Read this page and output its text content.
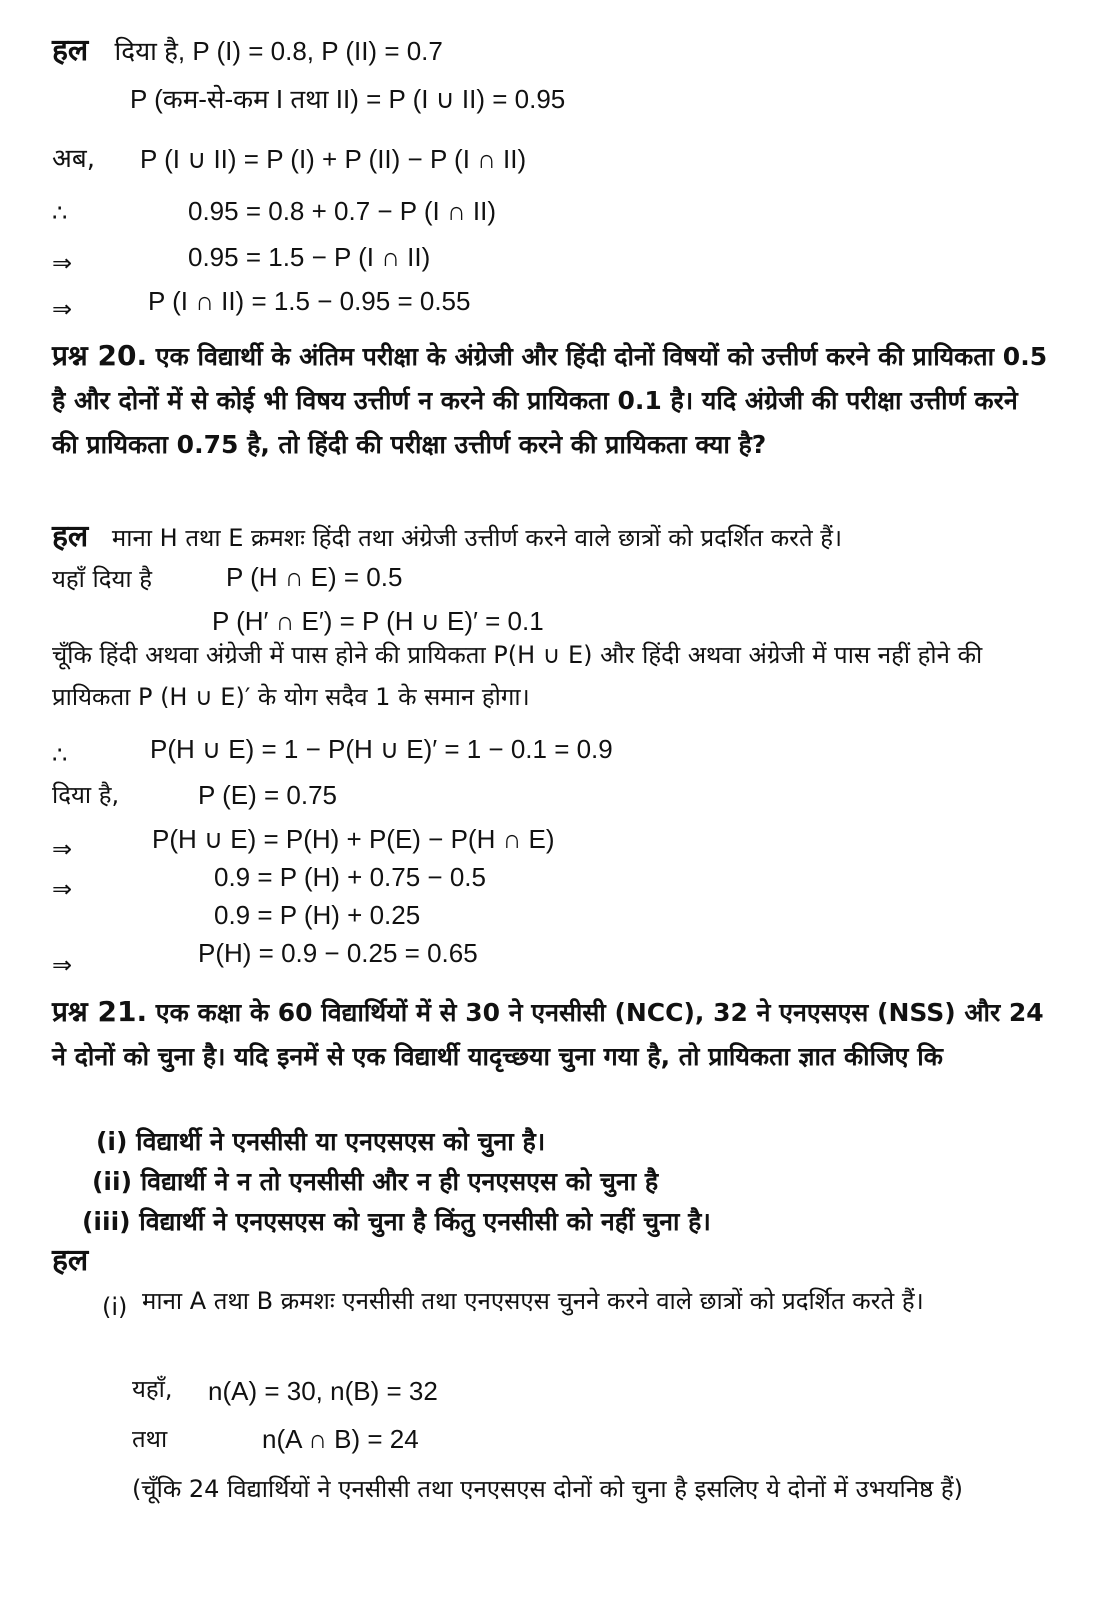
हल दिया है, P (I) = 0.8, P (II) = 0.7
P (कम-से-कम I तथा II) = P (I ∪ II) = 0.95
अब, P (I ∪ II) = P (I) + P (II) − P (I ∩ II)
∴	0.95 = 0.8 + 0.7 − P (I ∩ II)
⇒	0.95 = 1.5 − P (I ∩ II)
⇒	P (I ∩ II) = 1.5 − 0.95 = 0.55
प्रश्न 20. एक विद्यार्थी के अंतिम परीक्षा के अंग्रेजी और हिंदी दोनों विषयों को उत्तीर्ण करने की प्रायिकता 0.5 है और दोनों में से कोई भी विषय उत्तीर्ण न करने की प्रायिकता 0.1 है। यदि अंग्रेजी की परीक्षा उत्तीर्ण करने की प्रायिकता 0.75 है, तो हिंदी की परीक्षा उत्तीर्ण करने की प्रायिकता क्या है?
हल माना H तथा E क्रमशः हिंदी तथा अंग्रेजी उत्तीर्ण करने वाले छात्रों को प्रदर्शित करते हैं।
यहाँ दिया है	P (H ∩ E) = 0.5
P (H′ ∩ E′) = P (H ∪ E)′ = 0.1
चूँकि हिंदी अथवा अंग्रेजी में पास होने की प्रायिकता P(H ∪ E) और हिंदी अथवा अंग्रेजी में पास नहीं होने की प्रायिकता P (H ∪ E)′ के योग सदैव 1 के समान होगा।
∴	P(H ∪ E) = 1 − P(H ∪ E)′ = 1 − 0.1 = 0.9
दिया है,	P (E) = 0.75
⇒	P(H ∪ E) = P(H) + P(E) − P(H ∩ E)
⇒	0.9 = P (H) + 0.75 − 0.5
0.9 = P (H) + 0.25
⇒	P(H) = 0.9 − 0.25 = 0.65
प्रश्न 21. एक कक्षा के 60 विद्यार्थियों में से 30 ने एनसीसी (NCC), 32 ने एनएसएस (NSS) और 24 ने दोनों को चुना है। यदि इनमें से एक विद्यार्थी यादृच्छया चुना गया है, तो प्रायिकता ज्ञात कीजिए कि
(i) विद्यार्थी ने एनसीसी या एनएसएस को चुना है।
(ii) विद्यार्थी ने न तो एनसीसी और न ही एनएसएस को चुना है
(iii) विद्यार्थी ने एनएसएस को चुना है किंतु एनसीसी को नहीं चुना है।
हल
(i) माना A तथा B क्रमशः एनसीसी तथा एनएसएस चुनने करने वाले छात्रों को प्रदर्शित करते हैं।
यहाँ, n(A) = 30, n(B) = 32
तथा	n(A ∩ B) = 24
(चूँकि 24 विद्यार्थियों ने एनसीसी तथा एनएसएस दोनों को चुना है इसलिए ये दोनों में उभयनिष्ठ हैं)
